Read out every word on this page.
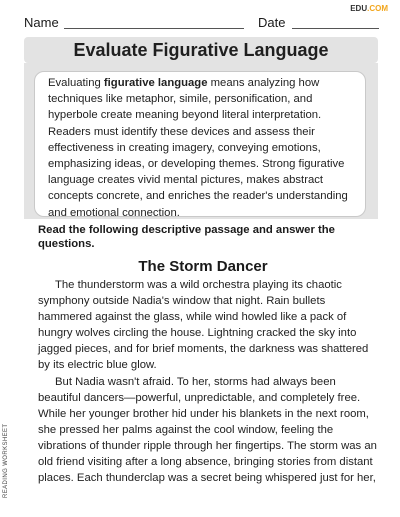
EDU.COM
Name	Date
Evaluate Figurative Language
Evaluating figurative language means analyzing how techniques like metaphor, simile, personification, and hyperbole create meaning beyond literal interpretation. Readers must identify these devices and assess their effectiveness in creating imagery, conveying emotions, emphasizing ideas, or developing themes. Strong figurative language creates vivid mental pictures, makes abstract concepts concrete, and enriches the reader's understanding and emotional connection.

Read the following descriptive passage and answer the questions.

The Storm Dancer

The thunderstorm was a wild orchestra playing its chaotic symphony outside Nadia's window that night. Rain bullets hammered against the glass, while wind howled like a pack of hungry wolves circling the house. Lightning cracked the sky into jagged pieces, and for brief moments, the darkness was shattered by its electric blue glow.

But Nadia wasn't afraid. To her, storms had always been beautiful dancers—powerful, unpredictable, and completely free. While her younger brother hid under his blankets in the next room, she pressed her palms against the cool window, feeling the vibrations of thunder ripple through her fingertips. The storm was an old friend visiting after a long absence, bringing stories from distant places. Each thunderclap was a secret being whispered just for her,

READING WORKSHEET
